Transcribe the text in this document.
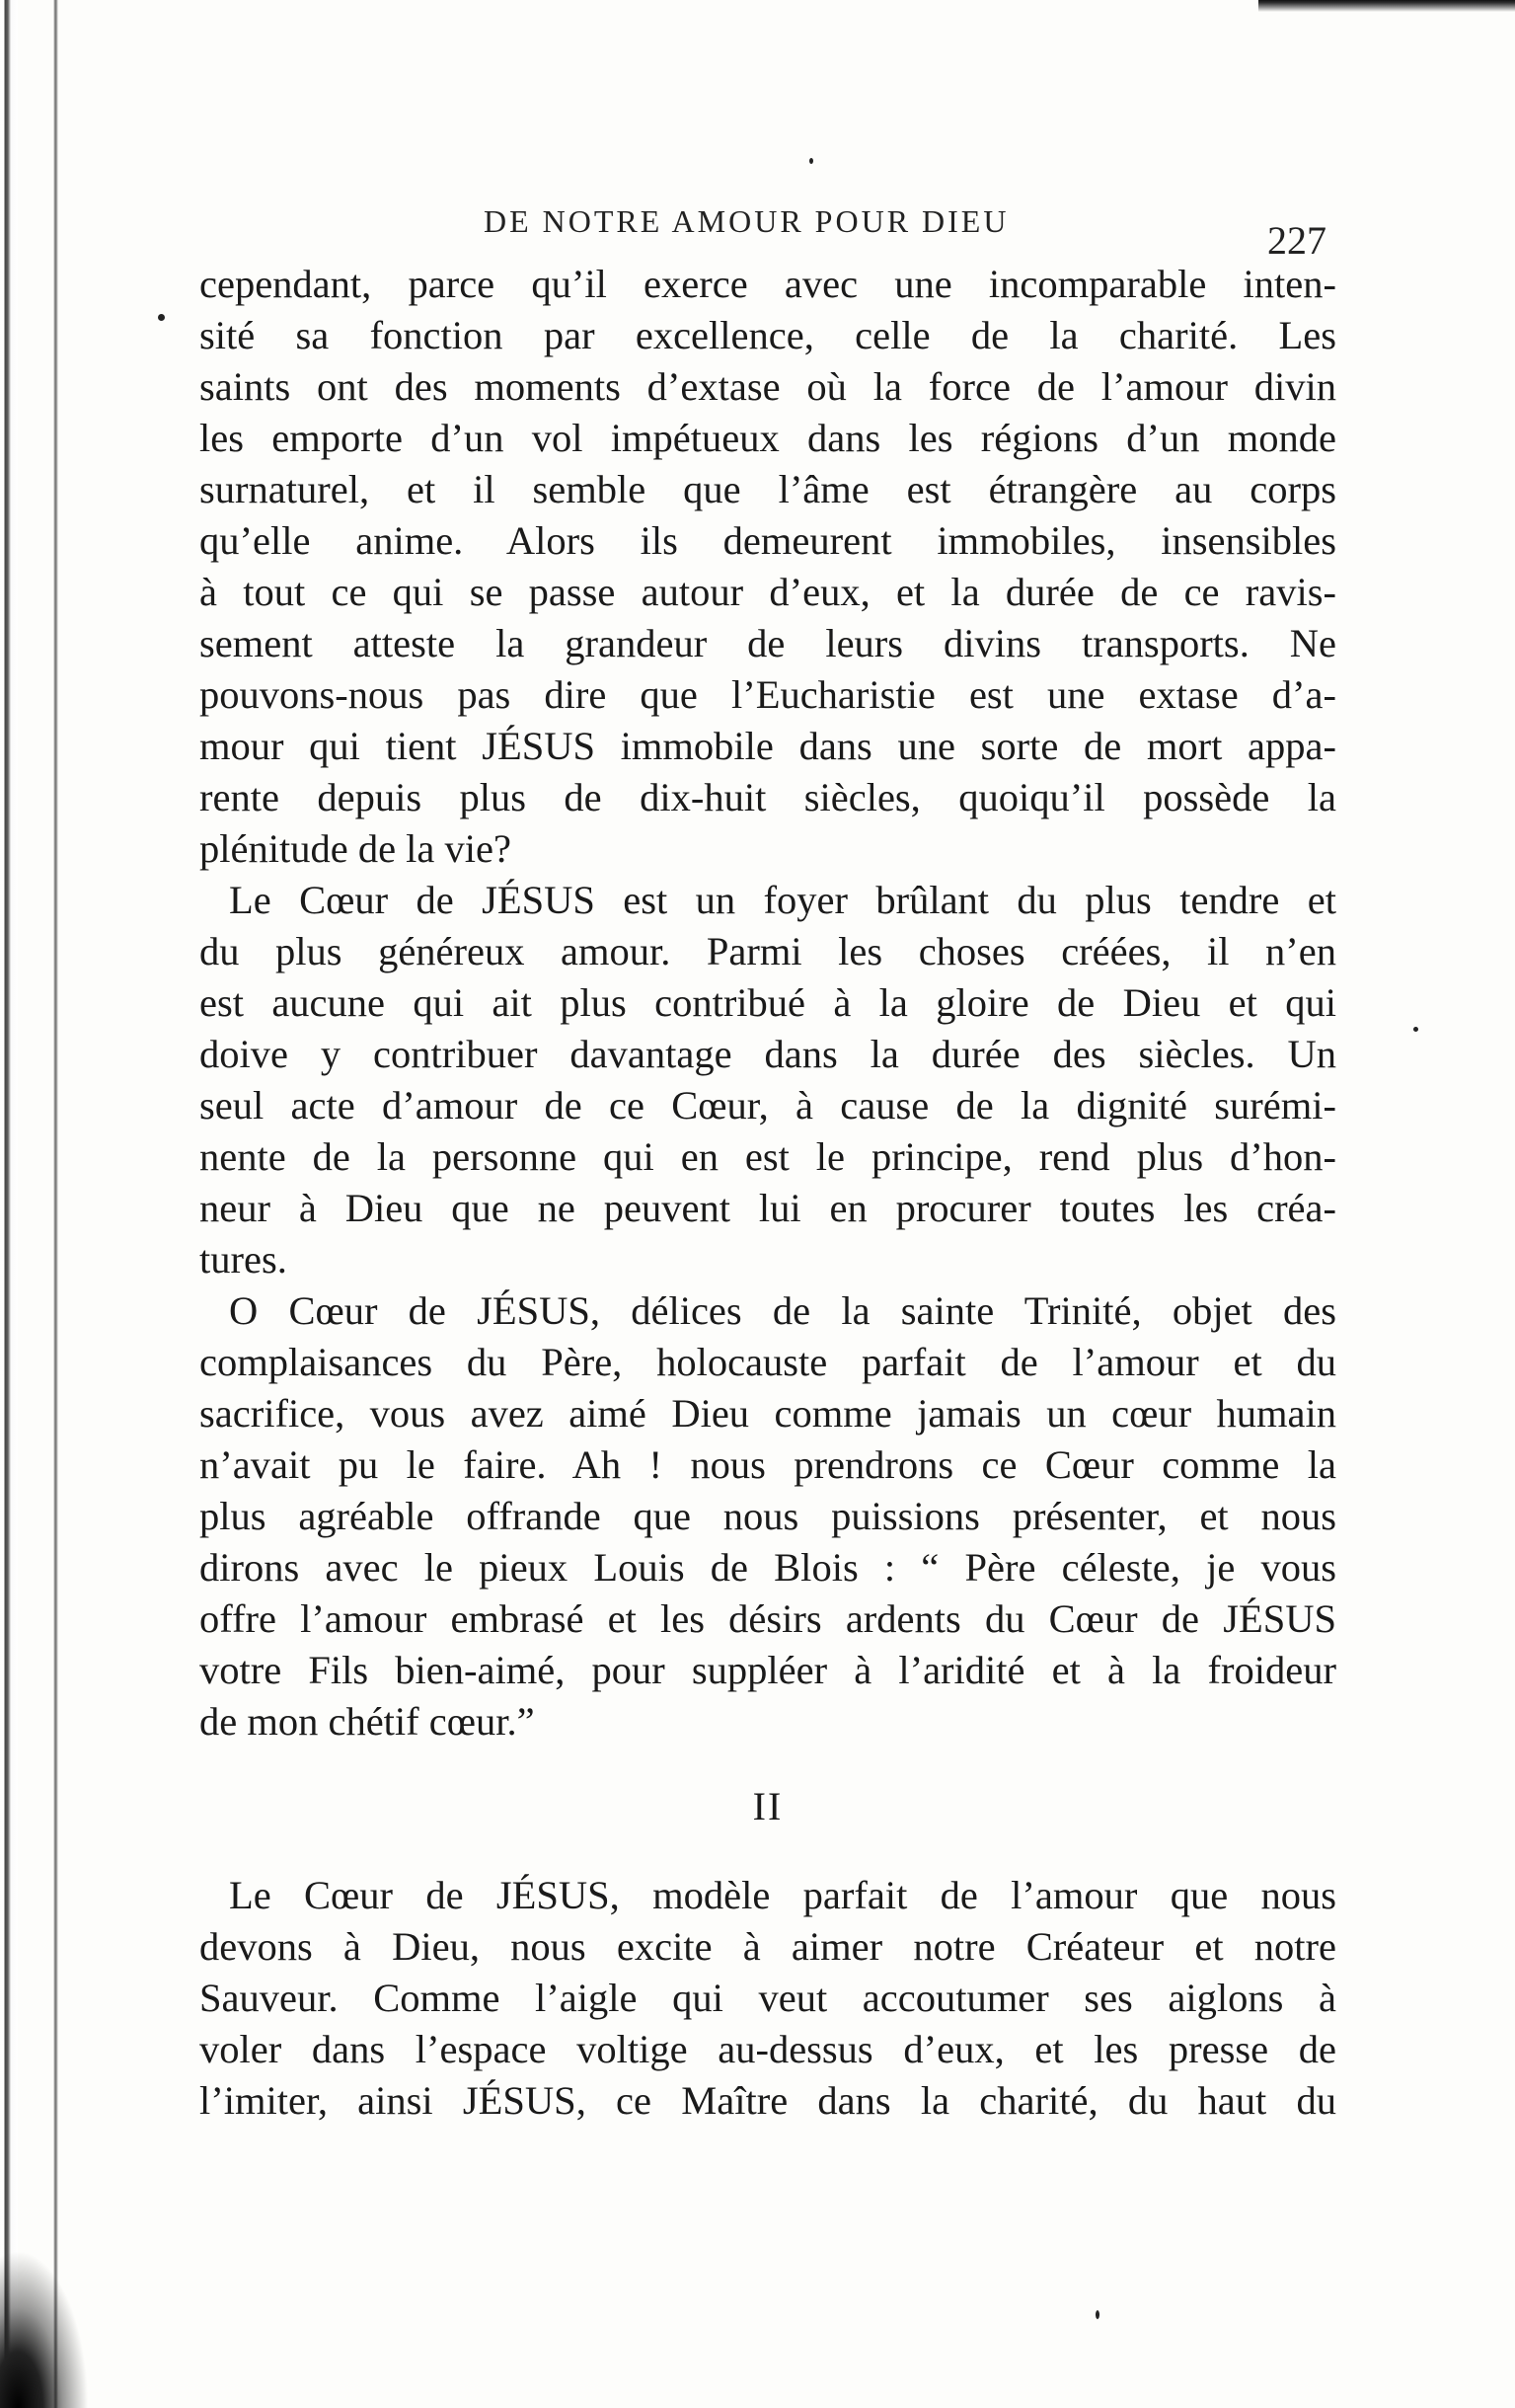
DE NOTRE AMOUR POUR DIEU	227
cependant, parce qu’il exerce avec une incomparable inten-
sité sa fonction par excellence, celle de la charité. Les
saints ont des moments d’extase où la force de l’amour divin
les emporte d’un vol impétueux dans les régions d’un monde
surnaturel, et il semble que l’âme est étrangère au corps
qu’elle anime. Alors ils demeurent immobiles, insensibles
à tout ce qui se passe autour d’eux, et la durée de ce ravis-
sement atteste la grandeur de leurs divins transports. Ne
pouvons-nous pas dire que l’Eucharistie est une extase d’a-
mour qui tient JÉSUS immobile dans une sorte de mort appa-
rente depuis plus de dix-huit siècles, quoiqu’il possède la
plénitude de la vie?
Le Cœur de JÉSUS est un foyer brûlant du plus tendre et
du plus généreux amour. Parmi les choses créées, il n’en
est aucune qui ait plus contribué à la gloire de Dieu et qui
doive y contribuer davantage dans la durée des siècles. Un
seul acte d’amour de ce Cœur, à cause de la dignité surémi-
nente de la personne qui en est le principe, rend plus d’hon-
neur à Dieu que ne peuvent lui en procurer toutes les créa-
tures.
O Cœur de JÉSUS, délices de la sainte Trinité, objet des
complaisances du Père, holocauste parfait de l’amour et du
sacrifice, vous avez aimé Dieu comme jamais un cœur humain
n’avait pu le faire. Ah ! nous prendrons ce Cœur comme la
plus agréable offrande que nous puissions présenter, et nous
dirons avec le pieux Louis de Blois : “ Père céleste, je vous
offre l’amour embrasé et les désirs ardents du Cœur de JÉSUS
votre Fils bien-aimé, pour suppléer à l’aridité et à la froideur
de mon chétif cœur.”
II
Le Cœur de JÉSUS, modèle parfait de l’amour que nous
devons à Dieu, nous excite à aimer notre Créateur et notre
Sauveur. Comme l’aigle qui veut accoutumer ses aiglons à
voler dans l’espace voltige au-dessus d’eux, et les presse de
l’imiter, ainsi JÉSUS, ce Maître dans la charité, du haut du
